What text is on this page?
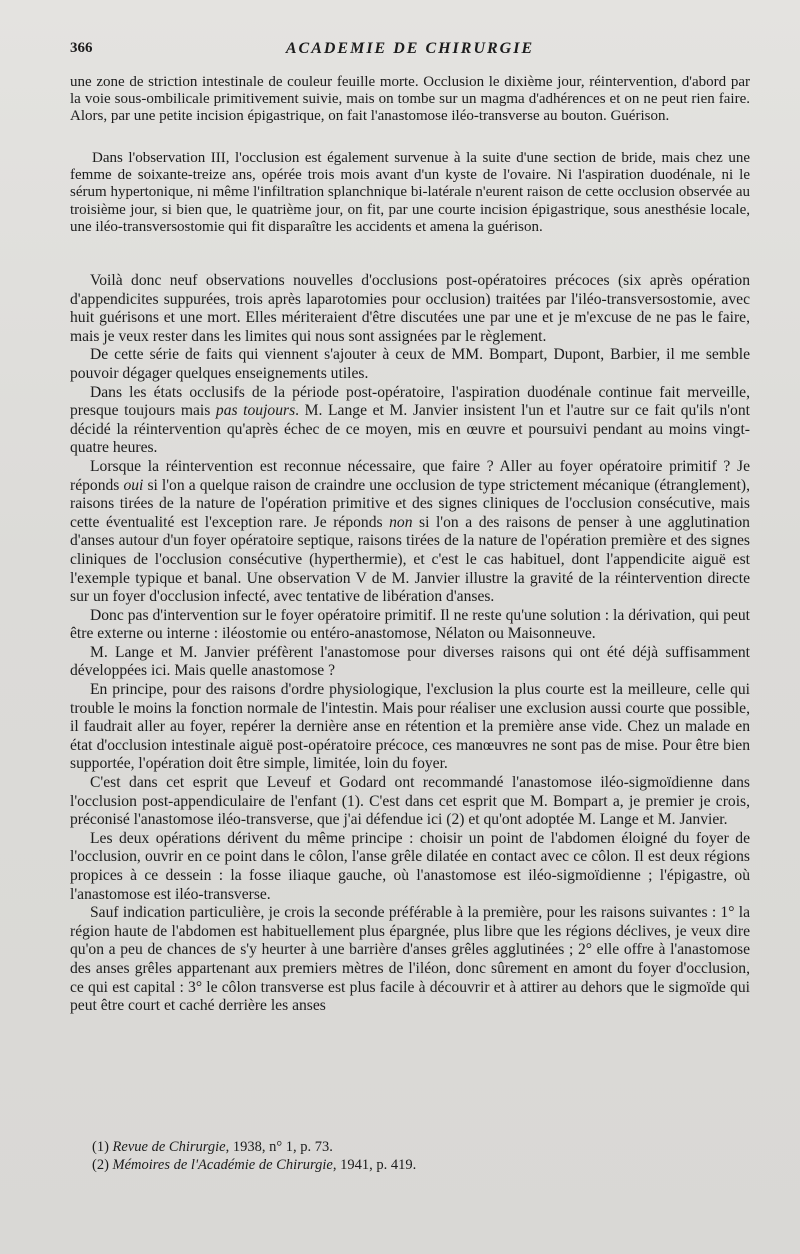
366	ACADEMIE DE CHIRURGIE

une zone de striction intestinale de couleur feuille morte. Occlusion le dixième jour, réintervention, d'abord par la voie sous-ombilicale primitivement suivie, mais on tombe sur un magma d'adhérences et on ne peut rien faire. Alors, par une petite incision épigastrique, on fait l'anastomose iléo-transverse au bouton. Guérison.

Dans l'observation III, l'occlusion est également survenue à la suite d'une section de bride, mais chez une femme de soixante-treize ans, opérée trois mois avant d'un kyste de l'ovaire. Ni l'aspiration duodénale, ni le sérum hypertonique, ni même l'infiltration splanchnique bi-latérale n'eurent raison de cette occlusion observée au troisième jour, si bien que, le quatrième jour, on fit, par une courte incision épigastrique, sous anesthésie locale, une iléo-transversostomie qui fit disparaître les accidents et amena la guérison.

Voilà donc neuf observations nouvelles d'occlusions post-opératoires précoces (six après opération d'appendicites suppurées, trois après laparotomies pour occlusion) traitées par l'iléo-transversostomie, avec huit guérisons et une mort. Elles mériteraient d'être discutées une par une et je m'excuse de ne pas le faire, mais je veux rester dans les limites qui nous sont assignées par le règlement.

De cette série de faits qui viennent s'ajouter à ceux de MM. Bompart, Dupont, Barbier, il me semble pouvoir dégager quelques enseignements utiles.

Dans les états occlusifs de la période post-opératoire, l'aspiration duodénale continue fait merveille, presque toujours mais pas toujours. M. Lange et M. Janvier insistent l'un et l'autre sur ce fait qu'ils n'ont décidé la réintervention qu'après échec de ce moyen, mis en œuvre et poursuivi pendant au moins vingt-quatre heures.

Lorsque la réintervention est reconnue nécessaire, que faire ? Aller au foyer opératoire primitif ? Je réponds oui si l'on a quelque raison de craindre une occlusion de type strictement mécanique (étranglement), raisons tirées de la nature de l'opération primitive et des signes cliniques de l'occlusion consécutive, mais cette éventualité est l'exception rare. Je réponds non si l'on a des raisons de penser à une agglutination d'anses autour d'un foyer opératoire septique, raisons tirées de la nature de l'opération première et des signes cliniques de l'occlusion consécutive (hyperthermie), et c'est le cas habituel, dont l'appendicite aiguë est l'exemple typique et banal. Une observation V de M. Janvier illustre la gravité de la réintervention directe sur un foyer d'occlusion infecté, avec tentative de libération d'anses.

Donc pas d'intervention sur le foyer opératoire primitif. Il ne reste qu'une solution : la dérivation, qui peut être externe ou interne : iléostomie ou entéro-anastomose, Nélaton ou Maisonneuve.

M. Lange et M. Janvier préfèrent l'anastomose pour diverses raisons qui ont été déjà suffisamment développées ici. Mais quelle anastomose ?

En principe, pour des raisons d'ordre physiologique, l'exclusion la plus courte est la meilleure, celle qui trouble le moins la fonction normale de l'intestin. Mais pour réaliser une exclusion aussi courte que possible, il faudrait aller au foyer, repérer la dernière anse en rétention et la première anse vide. Chez un malade en état d'occlusion intestinale aiguë post-opératoire précoce, ces manœuvres ne sont pas de mise. Pour être bien supportée, l'opération doit être simple, limitée, loin du foyer.

C'est dans cet esprit que Leveuf et Godard ont recommandé l'anastomose iléo-sigmoïdienne dans l'occlusion post-appendiculaire de l'enfant (1). C'est dans cet esprit que M. Bompart a, je premier je crois, préconisé l'anastomose iléo-transverse, que j'ai défendue ici (2) et qu'ont adoptée M. Lange et M. Janvier.

Les deux opérations dérivent du même principe : choisir un point de l'abdomen éloigné du foyer de l'occlusion, ouvrir en ce point dans le côlon, l'anse grêle dilatée en contact avec ce côlon. Il est deux régions propices à ce dessein : la fosse iliaque gauche, où l'anastomose est iléo-sigmoïdienne ; l'épigastre, où l'anastomose est iléo-transverse.

Sauf indication particulière, je crois la seconde préférable à la première, pour les raisons suivantes : 1° la région haute de l'abdomen est habituellement plus épargnée, plus libre que les régions déclives, je veux dire qu'on a peu de chances de s'y heurter à une barrière d'anses grêles agglutinées ; 2° elle offre à l'anastomose des anses grêles appartenant aux premiers mètres de l'iléon, donc sûrement en amont du foyer d'occlusion, ce qui est capital : 3° le côlon transverse est plus facile à découvrir et à attirer au dehors que le sigmoïde qui peut être court et caché derrière les anses

(1) Revue de Chirurgie, 1938, n° 1, p. 73.

(2) Mémoires de l'Académie de Chirurgie, 1941, p. 419.
